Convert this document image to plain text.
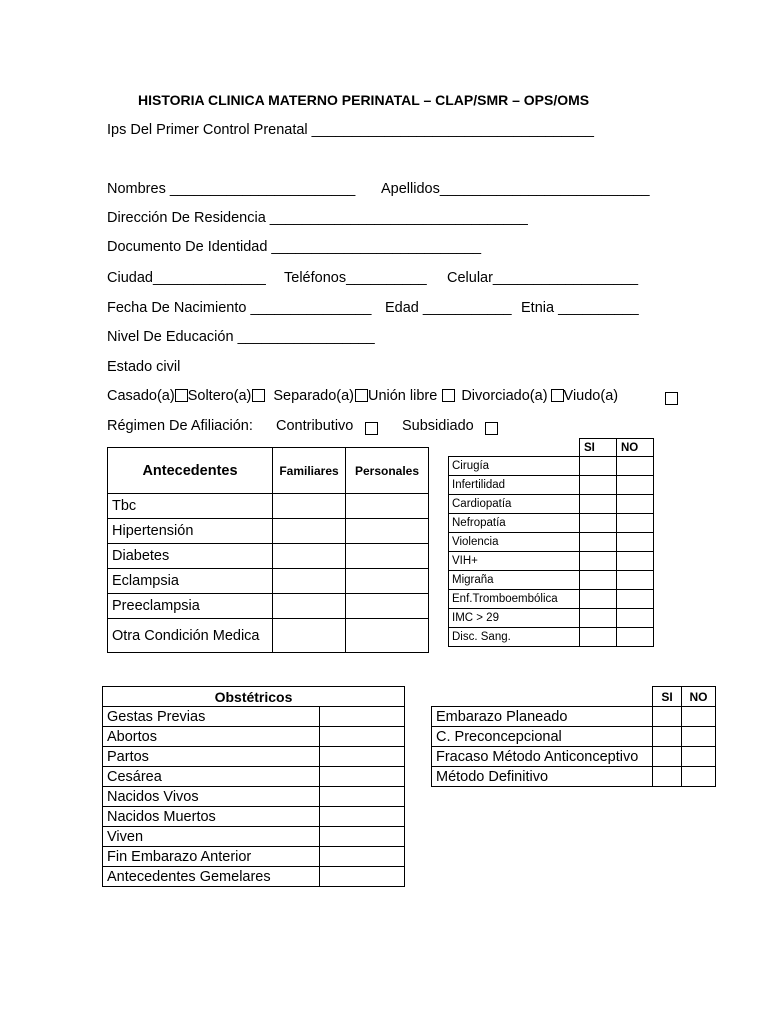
HISTORIA CLINICA MATERNO PERINATAL – CLAP/SMR – OPS/OMS
Ips Del Primer Control Prenatal ___________________________________
Nombres _______________________ Apellidos__________________________
Dirección De Residencia ________________________________
Documento De Identidad __________________________
Ciudad______________ Teléfonos__________ Celular__________________
Fecha De Nacimiento _______________ Edad ___________ Etnia __________
Nivel De Educación _________________
Estado civil
Casado(a) Soltero(a) Separado(a) Unión libre Divorciado(a) Viudo(a)
Régimen De Afiliación: Contributivo	Subsidiado
Antecedentes	Familiares	Personales
Tbc		
Hipertensión		
Diabetes		
Eclampsia		
Preeclampsia		
Otra Condición Medica		
	SI	NO
Cirugía		
Infertilidad		
Cardiopatía		
Nefropatía		
Violencia		
VIH+		
Migraña		
Enf.Tromboembólica		
IMC > 29		
Disc. Sang.		
Obstétricos	
Gestas Previas	
Abortos	
Partos	
Cesárea	
Nacidos Vivos	
Nacidos Muertos	
Viven	
Fin Embarazo Anterior	
Antecedentes Gemelares	
	SI	NO
Embarazo Planeado		
C. Preconcepcional		
Fracaso Método Anticonceptivo		
Método Definitivo		
